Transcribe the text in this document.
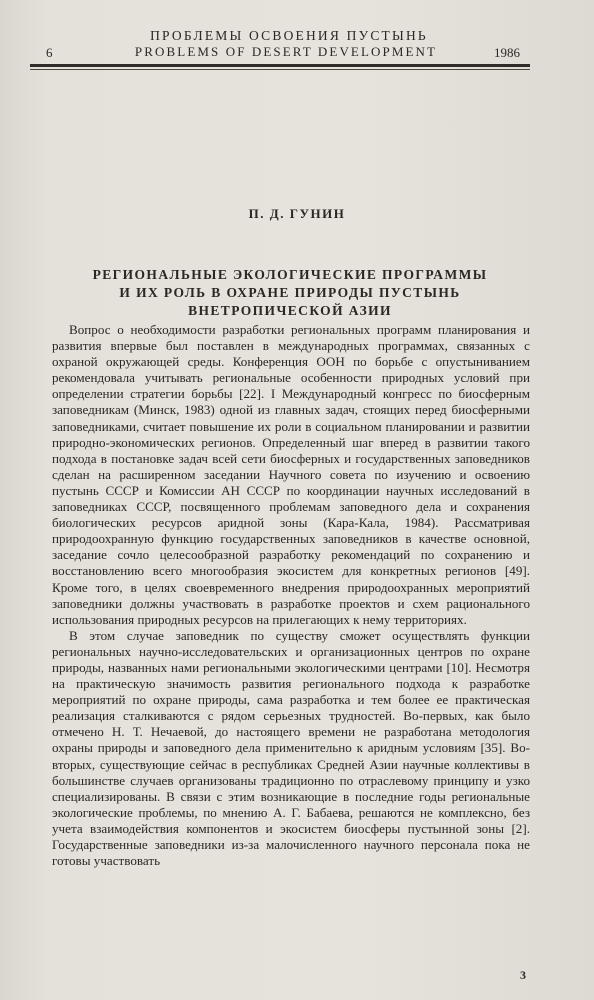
ПРОБЛЕМЫ ОСВОЕНИЯ ПУСТЫНЬ
PROBLEMS OF DESERT DEVELOPMENT
6	1986
П. Д. ГУНИН
РЕГИОНАЛЬНЫЕ ЭКОЛОГИЧЕСКИЕ ПРОГРАММЫ
И ИХ РОЛЬ В ОХРАНЕ ПРИРОДЫ ПУСТЫНЬ
ВНЕТРОПИЧЕСКОЙ АЗИИ

Вопрос о необходимости разработки региональных программ планирования и развития впервые был поставлен в международных программах, связанных с охраной окружающей среды. Конференция ООН по борьбе с опустыниванием рекомендовала учитывать региональные особенности природных условий при определении стратегии борьбы [22]. I Международный конгресс по биосферным заповедникам (Минск, 1983) одной из главных задач, стоящих перед биосферными заповедниками, считает повышение их роли в социальном планировании и развитии природно-экономических регионов. Определенный шаг вперед в развитии такого подхода в постановке задач всей сети биосферных и государственных заповедников сделан на расширенном заседании Научного совета по изучению и освоению пустынь СССР и Комиссии АН СССР по координации научных исследований в заповедниках СССР, посвященного проблемам заповедного дела и сохранения биологических ресурсов аридной зоны (Кара-Кала, 1984). Рассматривая природоохранную функцию государственных заповедников в качестве основной, заседание сочло целесообразной разработку рекомендаций по сохранению и восстановлению всего многообразия экосистем для конкретных регионов [49]. Кроме того, в целях своевременного внедрения природоохранных мероприятий заповедники должны участвовать в разработке проектов и схем рационального использования природных ресурсов на прилегающих к нему территориях.

В этом случае заповедник по существу сможет осуществлять функции региональных научно-исследовательских и организационных центров по охране природы, названных нами региональными экологическими центрами [10]. Несмотря на практическую значимость развития регионального подхода к разработке мероприятий по охране природы, сама разработка и тем более ее практическая реализация сталкиваются с рядом серьезных трудностей. Во-первых, как было отмечено Н. Т. Нечаевой, до настоящего времени не разработана методология охраны природы и заповедного дела применительно к аридным условиям [35]. Во-вторых, существующие сейчас в республиках Средней Азии научные коллективы в большинстве случаев организованы традиционно по отраслевому принципу и узко специализированы. В связи с этим возникающие в последние годы региональные экологические проблемы, по мнению А. Г. Бабаева, решаются не комплексно, без учета взаимодействия компонентов и экосистем биосферы пустынной зоны [2]. Государственные заповедники из-за малочисленного научного персонала пока не готовы участвовать

3
